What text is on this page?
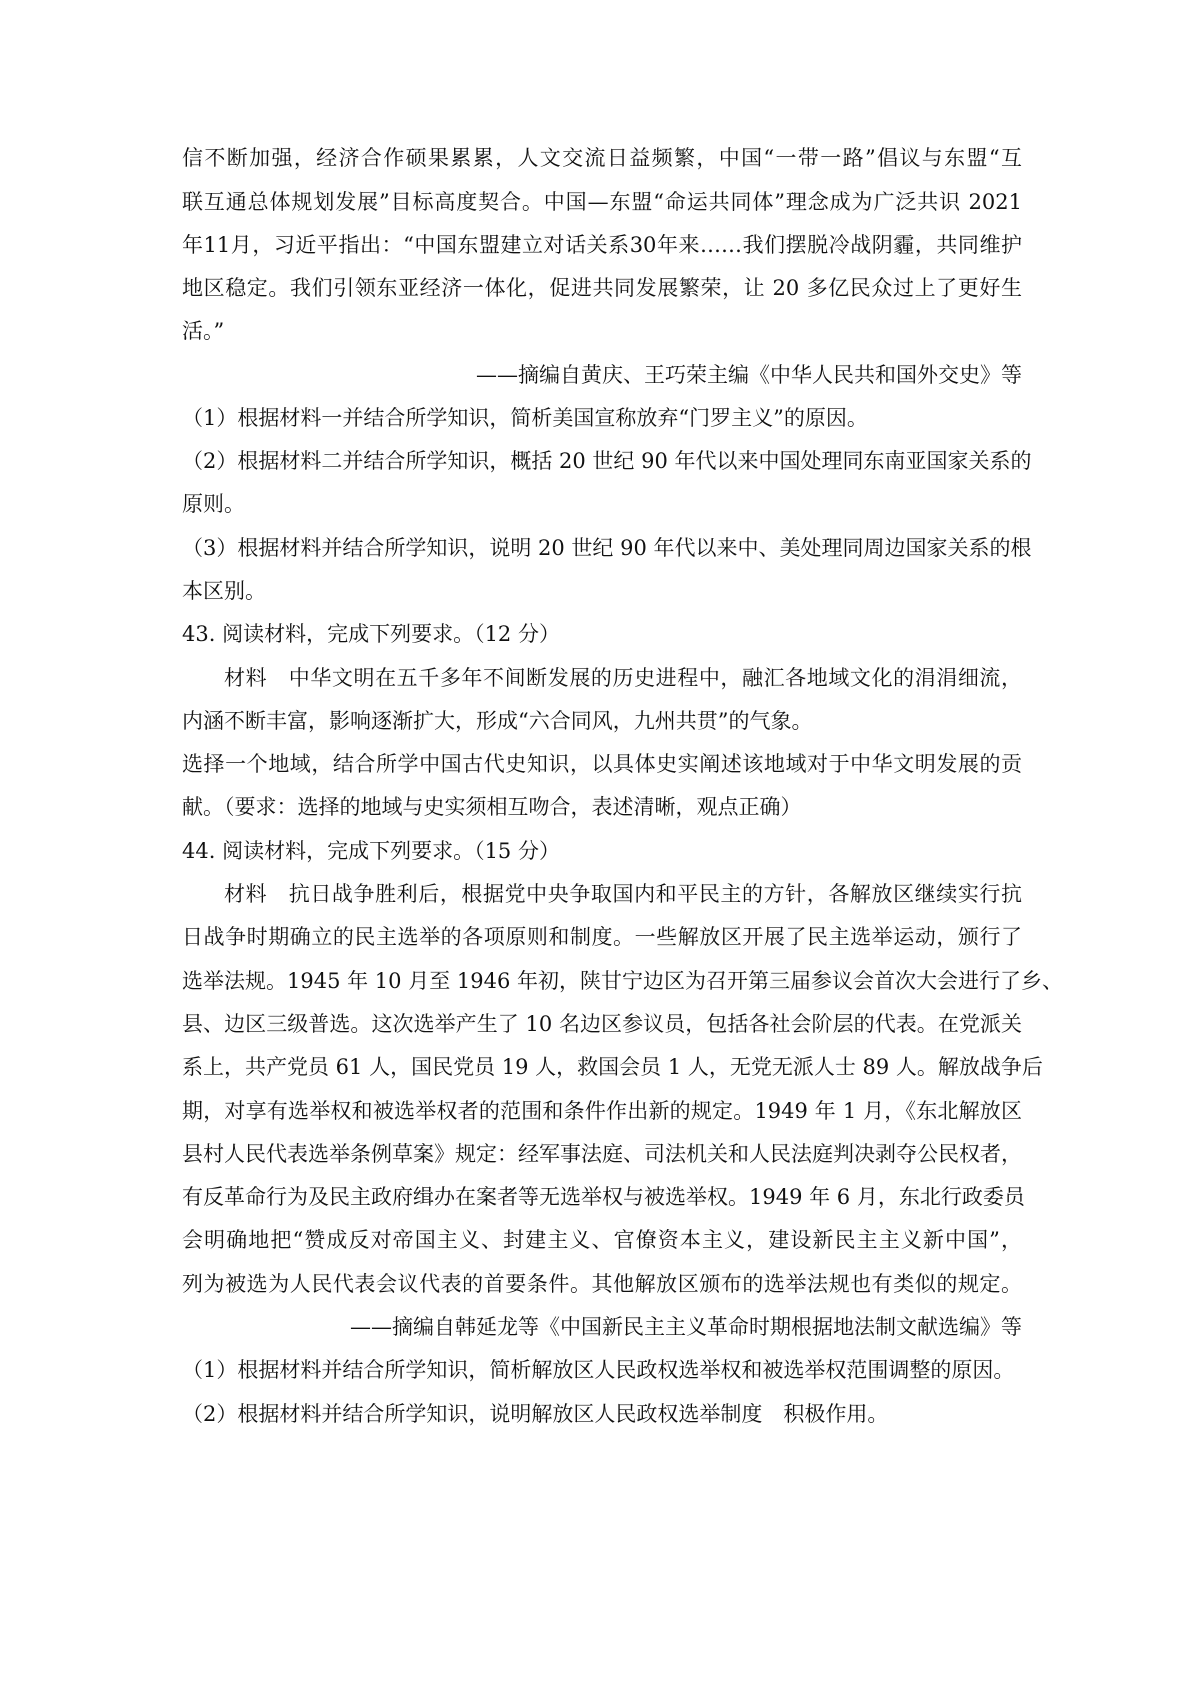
信不断加强，经济合作硕果累累，人文交流日益频繁，中国“一带一路”倡议与东盟“互
联互通总体规划发展”目标高度契合。中国—东盟“命运共同体”理念成为广泛共识 2021
年11月，习近平指出：“中国东盟建立对话关系30年来……我们摆脱冷战阴霾，共同维护
地区稳定。我们引领东亚经济一体化，促进共同发展繁荣，让 20 多亿民众过上了更好生
活。”
——摘编自黄庆、王巧荣主编《中华人民共和国外交史》等
（1）根据材料一并结合所学知识，简析美国宣称放弃“门罗主义”的原因。
（2）根据材料二并结合所学知识，概括 20 世纪 90 年代以来中国处理同东南亚国家关系的
原则。
（3）根据材料并结合所学知识，说明 20 世纪 90 年代以来中、美处理同周边国家关系的根
本区别。
43. 阅读材料，完成下列要求。（12 分）
材料　中华文明在五千多年不间断发展的历史进程中，融汇各地域文化的涓涓细流，
内涵不断丰富，影响逐渐扩大，形成“六合同风，九州共贯”的气象。
选择一个地域，结合所学中国古代史知识，以具体史实阐述该地域对于中华文明发展的贡
献。（要求：选择的地域与史实须相互吻合，表述清晰，观点正确）
44. 阅读材料，完成下列要求。（15 分）
材料　抗日战争胜利后，根据党中央争取国内和平民主的方针，各解放区继续实行抗
日战争时期确立的民主选举的各项原则和制度。一些解放区开展了民主选举运动，颁行了
选举法规。1945 年 10 月至 1946 年初，陕甘宁边区为召开第三届参议会首次大会进行了乡、
县、边区三级普选。这次选举产生了 10 名边区参议员，包括各社会阶层的代表。在党派关
系上，共产党员 61 人，国民党员 19 人，救国会员 1 人，无党无派人士 89 人。解放战争后
期，对享有选举权和被选举权者的范围和条件作出新的规定。1949 年 1 月，《东北解放区
县村人民代表选举条例草案》规定：经军事法庭、司法机关和人民法庭判决剥夺公民权者，
有反革命行为及民主政府缉办在案者等无选举权与被选举权。1949 年 6 月，东北行政委员
会明确地把“赞成反对帝国主义、封建主义、官僚资本主义，建设新民主主义新中国”，
列为被选为人民代表会议代表的首要条件。其他解放区颁布的选举法规也有类似的规定。
——摘编自韩延龙等《中国新民主主义革命时期根据地法制文献选编》等
（1）根据材料并结合所学知识，简析解放区人民政权选举权和被选举权范围调整的原因。
（2）根据材料并结合所学知识，说明解放区人民政权选举制度　积极作用。
